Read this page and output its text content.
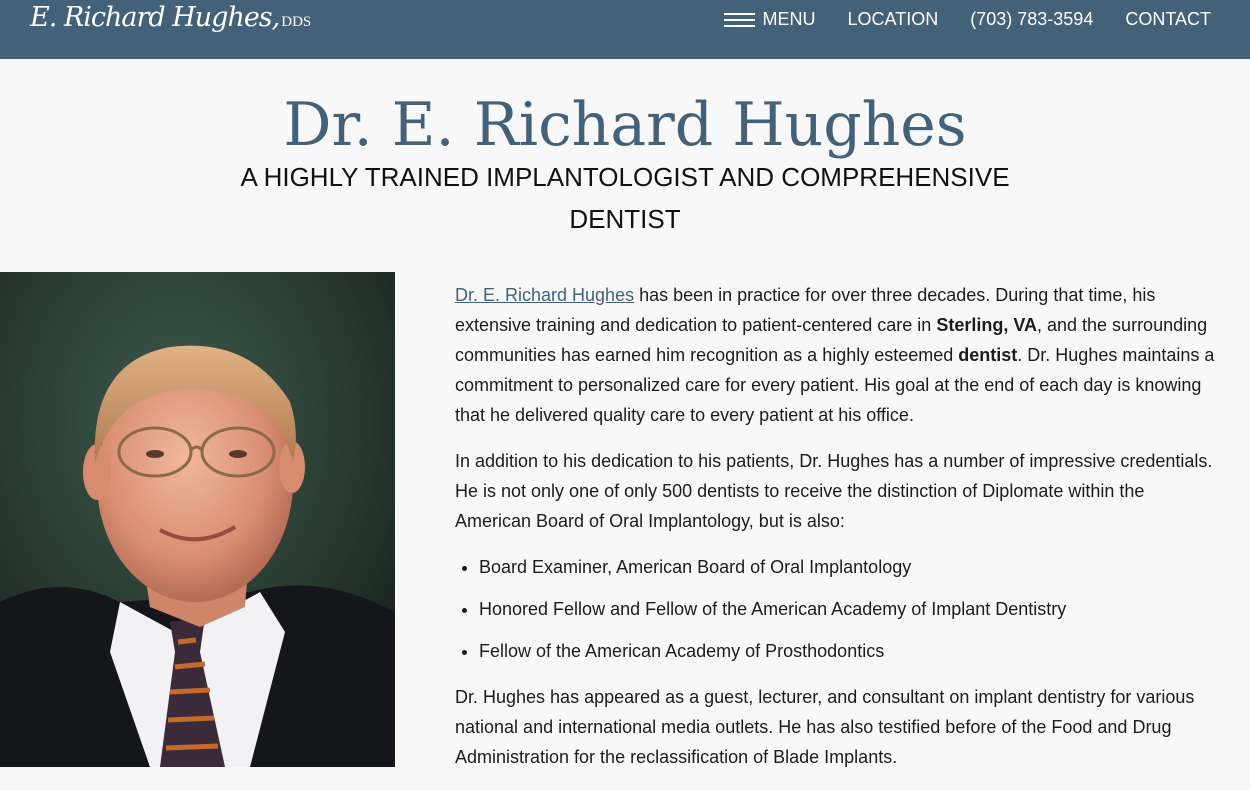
E. Richard Hughes, DDS	MENU LOCATION (703) 783-3594 CONTACT
Dr. E. Richard Hughes
A HIGHLY TRAINED IMPLANTOLOGIST AND COMPREHENSIVE DENTIST

Dr. E. Richard Hughes has been in practice for over three decades. During that time, his extensive training and dedication to patient-centered care in Sterling, VA, and the surrounding communities has earned him recognition as a highly esteemed dentist. Dr. Hughes maintains a commitment to personalized care for every patient. His goal at the end of each day is knowing that he delivered quality care to every patient at his office.

In addition to his dedication to his patients, Dr. Hughes has a number of impressive credentials. He is not only one of only 500 dentists to receive the distinction of Diplomate within the American Board of Oral Implantology, but is also:

• Board Examiner, American Board of Oral Implantology
• Honored Fellow and Fellow of the American Academy of Implant Dentistry
• Fellow of the American Academy of Prosthodontics

Dr. Hughes has appeared as a guest, lecturer, and consultant on implant dentistry for various national and international media outlets. He has also testified before of the Food and Drug Administration for the reclassification of Blade Implants.
